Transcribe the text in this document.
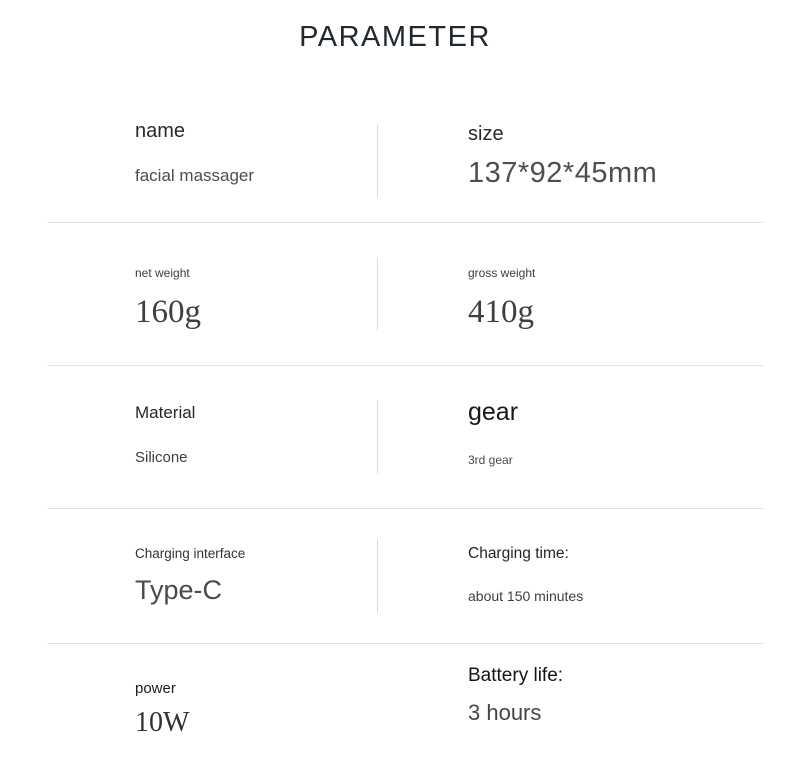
PARAMETER
name
facial massager
size
137*92*45mm
net weight
160g
gross weight
410g
Material
Silicone
gear
3rd gear
Charging interface
Type-C
Charging time:
about 150 minutes
power
10W
Battery life:
3 hours
